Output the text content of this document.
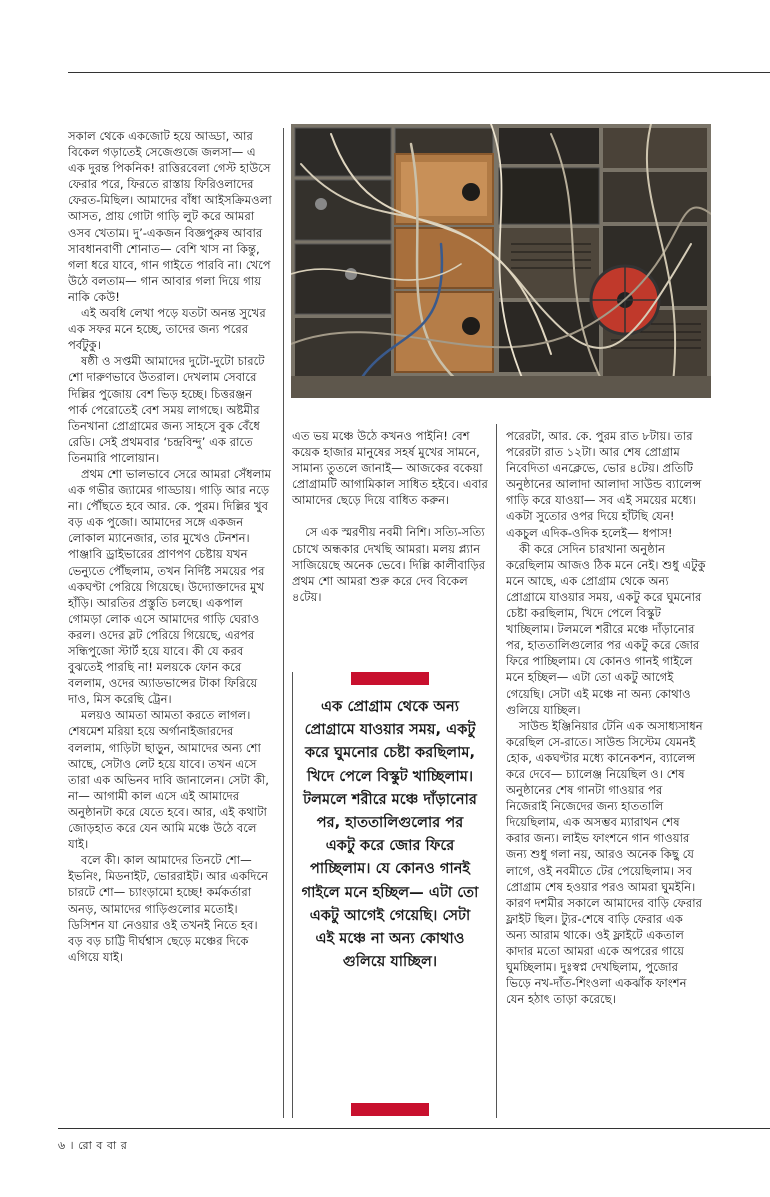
সকাল থেকে একজোট হয়ে আড্ডা, আর বিকেল গড়াতেই সেজেগুজে জলসা— এ এক দুরন্ত পিকনিক! রাত্তিরবেলা গেস্ট হাউসে ফেরার পরে, ফিরতে রাস্তায় ফিরিওলাদের ফেরত-মিছিল। আমাদের বাঁধা আইসক্রিমওলা আসত, প্রায় গোটা গাড়ি লুট করে আমরা ওসব খেতাম। দু’-একজন বিজ্ঞপুরুষ আবার সাবধানবাণী শোনাত— বেশি খাস না কিন্তু, গলা ধরে যাবে, গান গাইতে পারবি না। খেপে উঠে বলতাম— গান আবার গলা দিয়ে গায় নাকি কেউ!

এই অবধি লেখা পড়ে যতটা অনন্ত সুখের এক সফর মনে হচ্ছে, তাদের জন্য পরের পর্বটুকু।

ষষ্ঠী ও সপ্তমী আমাদের দুটো-দুটো চারটে শো দারুণভাবে উতরাল। দেখলাম সেবারে দিল্লির পুজোয় বেশ ভিড় হচ্ছে। চিত্তরঞ্জন পার্ক পেরোতেই বেশ সময় লাগছে। অষ্টমীর তিনখানা প্রোগ্রামের জন্য সাহসে বুক বেঁধে রেডি। সেই প্রথমবার ‘চন্দ্রবিন্দু’ এক রাতে তিনমারি পালোয়ান।

প্রথম শো ভালভাবে সেরে আমরা সেঁধলাম এক গভীর জ্যামের গাড্ডায়। গাড়ি আর নড়ে না। পৌঁছতে হবে আর. কে. পুরম। দিল্লির খুব বড় এক পুজো। আমাদের সঙ্গে একজন লোকাল ম্যানেজার, তার মুখেও টেনশন। পাঞ্জাবি ড্রাইভারের প্রাণপণ চেষ্টায় যখন ভেন্যুতে পৌঁছলাম, তখন নির্দিষ্ট সময়ের পর একঘণ্টা পেরিয়ে গিয়েছে। উদ্যোক্তাদের মুখ হাঁড়ি। আরতির প্রস্তুতি চলছে। একপাল গোমড়া লোক এসে আমাদের গাড়ি ঘেরাও করল। ওদের স্লট পেরিয়ে গিয়েছে, এরপর সন্ধিপুজো স্টার্ট হয়ে যাবে। কী যে করব বুঝতেই পারছি না! মলয়কে ফোন করে বললাম, ওদের অ্যাডভান্সের টাকা ফিরিয়ে দাও, মিস করেছি ট্রেন।

মলয়ও আমতা আমতা করতে লাগল। শেষমেশ মরিয়া হয়ে অর্গানাইজারদের বললাম, গাড়িটা ছাড়ুন, আমাদের অন্য শো আছে, সেটাও লেট হয়ে যাবে। তখন এসে তারা এক অভিনব দাবি জানালেন। সেটা কী, না— আগামী কাল এসে এই আমাদের অনুষ্ঠানটা করে যেতে হবে। আর, এই কথাটা জোড়হাত করে যেন আমি মঞ্চে উঠে বলে যাই।

বলে কী। কাল আমাদের তিনটে শো— ইভনিং, মিডনাইট, ভোররাইট। আর একদিনে চারটে শো— চ্যাংড়ামো হচ্ছে! কর্মকর্তারা অনড়, আমাদের গাড়িগুলোর মতোই। ডিসিশন যা নেওয়ার ওই তখনই নিতে হব। বড় বড় চাট্টি দীর্ঘশ্বাস ছেড়ে মঞ্চের দিকে এগিয়ে যাই।

এত ভয় মঞ্চে উঠে কখনও পাইনি! বেশ কয়েক হাজার মানুষের সহর্ষ মুখের সামনে, সামান্য তুতলে জানাই— আজকের বকেয়া প্রোগ্রামটি আগামিকাল সাধিত হইবে। এবার আমাদের ছেড়ে দিয়ে বাধিত করুন।

সে এক স্মরণীয় নবমী নিশি। সত্যি-সত্যি চোখে অন্ধকার দেখছি আমরা। মলয় প্ল্যান সাজিয়েছে অনেক ভেবে। দিল্লি কালীবাড়ির প্রথম শো আমরা শুরু করে দেব বিকেল ৪টেয়।

এক প্রোগ্রাম থেকে অন্য প্রোগ্রামে যাওয়ার সময়, একটু করে ঘুমনোর চেষ্টা করছিলাম, খিদে পেলে বিস্কুট খাচ্ছিলাম। টলমলে শরীরে মঞ্চে দাঁড়ানোর পর, হাততালিগুলোর পর একটু করে জোর ফিরে পাচ্ছিলাম। যে কোনও গানই গাইলে মনে হচ্ছিল— এটা তো একটু আগেই গেয়েছি। সেটা এই মঞ্চে না অন্য কোথাও গুলিয়ে যাচ্ছিল।

পরেরটা, আর. কে. পুরম রাত ৮টায়। তার পরেরটা রাত ১২টা। আর শেষ প্রোগ্রাম নিবেদিতা এনক্লেভে, ভোর ৪টেয়। প্রতিটি অনুষ্ঠানের আলাদা আলাদা সাউন্ড ব্যালেন্স গাড়ি করে যাওয়া— সব এই সময়ের মধ্যে। একটা সুতোর ওপর দিয়ে হাঁটছি যেন! একচুল এদিক-ওদিক হলেই— ধপাস!

কী করে সেদিন চারখানা অনুষ্ঠান করেছিলাম আজও ঠিক মনে নেই। শুধু এটুকু মনে আছে, এক প্রোগ্রাম থেকে অন্য প্রোগ্রামে যাওয়ার সময়, একটু করে ঘুমনোর চেষ্টা করছিলাম, খিদে পেলে বিস্কুট খাচ্ছিলাম। টলমলে শরীরে মঞ্চে দাঁড়ানোর পর, হাততালিগুলোর পর একটু করে জোর ফিরে পাচ্ছিলাম। যে কোনও গানই গাইলে মনে হচ্ছিল— এটা তো একটু আগেই গেয়েছি। সেটা এই মঞ্চে না অন্য কোথাও গুলিয়ে যাচ্ছিল।

সাউন্ড ইঞ্জিনিয়ার টেনি এক অসাধ্যসাধন করেছিল সে-রাতে। সাউন্ড সিস্টেম যেমনই হোক, একঘণ্টার মধ্যে কানেকশন, ব্যালেন্স করে দেবে— চ্যালেঞ্জ নিয়েছিল ও। শেষ অনুষ্ঠানের শেষ গানটা গাওয়ার পর নিজেরাই নিজেদের জন্য হাততালি দিয়েছিলাম, এক অসম্ভব ম্যারাথন শেষ করার জন্য। লাইভ ফাংশনে গান গাওয়ার জন্য শুধু গলা নয়, আরও অনেক কিছু যে লাগে, ওই নবমীতে টের পেয়েছিলাম। সব প্রোগ্রাম শেষ হওয়ার পরও আমরা ঘুমইনি। কারণ দশমীর সকালে আমাদের বাড়ি ফেরার ফ্লাইট ছিল। ট্যুর-শেষে বাড়ি ফেরার এক অন্য আরাম থাকে। ওই ফ্লাইটে একতাল কাদার মতো আমরা একে অপরের গায়ে ঘুমচ্ছিলাম। দুঃস্বপ্ন দেখছিলাম, পুজোর ভিড়ে নখ-দাঁত-শিংওলা একঝাঁক ফাংশন যেন হঠাৎ তাড়া করেছে।

৬ । রো ব বা র
